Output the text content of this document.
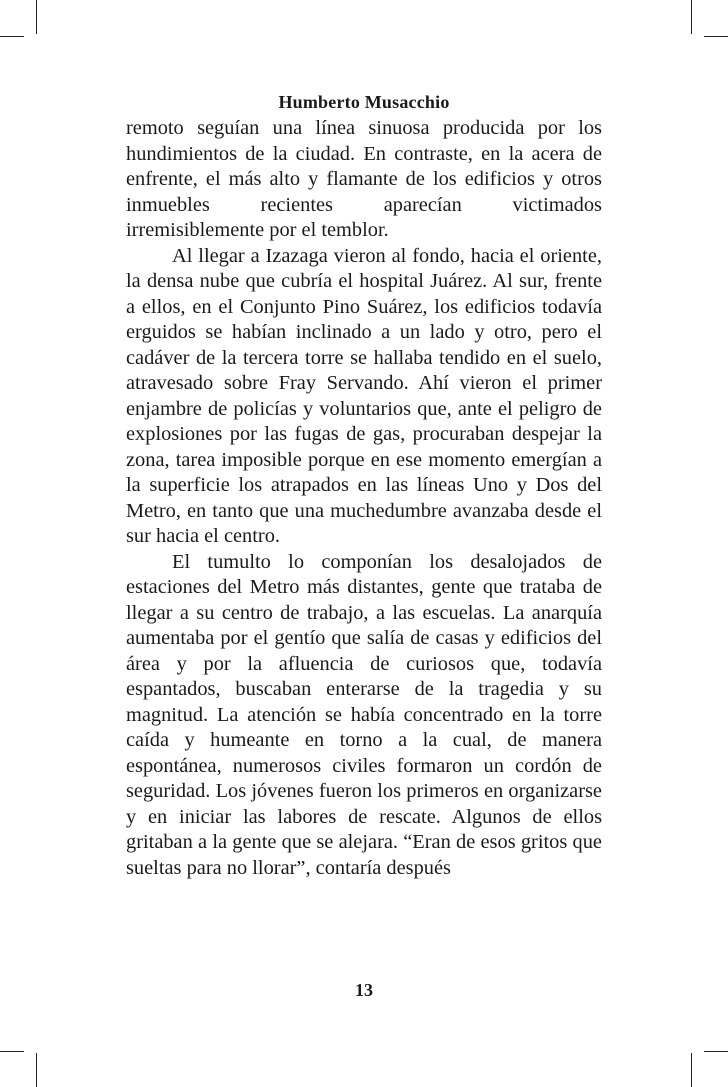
Humberto Musacchio

remoto seguían una línea sinuosa producida por los hundimientos de la ciudad. En contraste, en la acera de enfrente, el más alto y flamante de los edificios y otros inmuebles recientes aparecían victimados irremisiblemente por el temblor.

Al llegar a Izazaga vieron al fondo, hacia el oriente, la densa nube que cubría el hospital Juárez. Al sur, frente a ellos, en el Conjunto Pino Suárez, los edificios todavía erguidos se habían inclinado a un lado y otro, pero el cadáver de la tercera torre se hallaba tendido en el suelo, atravesado sobre Fray Servando. Ahí vieron el primer enjambre de policías y voluntarios que, ante el peligro de explosiones por las fugas de gas, procuraban despejar la zona, tarea imposible porque en ese momento emergían a la superficie los atrapados en las líneas Uno y Dos del Metro, en tanto que una muchedumbre avanzaba desde el sur hacia el centro.

El tumulto lo componían los desalojados de estaciones del Metro más distantes, gente que trataba de llegar a su centro de trabajo, a las escuelas. La anarquía aumentaba por el gentío que salía de casas y edificios del área y por la afluencia de curiosos que, todavía espantados, buscaban enterarse de la tragedia y su magnitud. La atención se había concentrado en la torre caída y humeante en torno a la cual, de manera espontánea, numerosos civiles formaron un cordón de seguridad. Los jóvenes fueron los primeros en organizarse y en iniciar las labores de rescate. Algunos de ellos gritaban a la gente que se alejara. “Eran de esos gritos que sueltas para no llorar”, contaría después

13
